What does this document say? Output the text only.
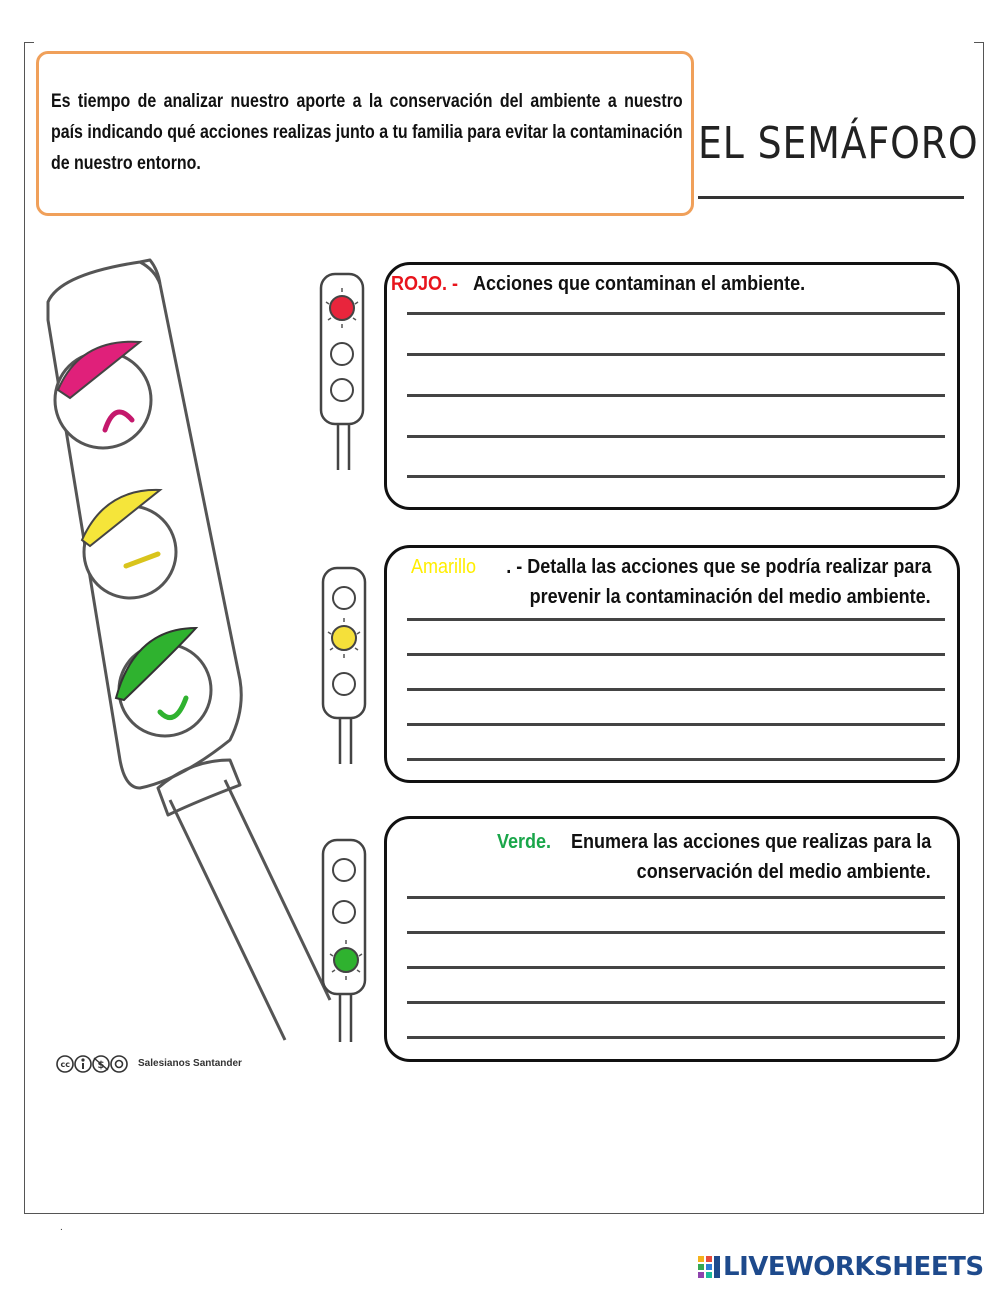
Es tiempo de analizar nuestro aporte a la conservación del ambiente a nuestro país indicando qué acciones realizas junto a tu familia para evitar la contaminación de nuestro entorno.	EL SEMÁFORO
ROJO. - Acciones que contaminan el ambiente.
Amarillo . - Detalla las acciones que se podría realizar para
prevenir la contaminación del medio ambiente.
Verde. Enumera las acciones que realizas para la
conservación del medio ambiente.
cc	$	Salesianos Santander
.
LIVEWORKSHEETS
